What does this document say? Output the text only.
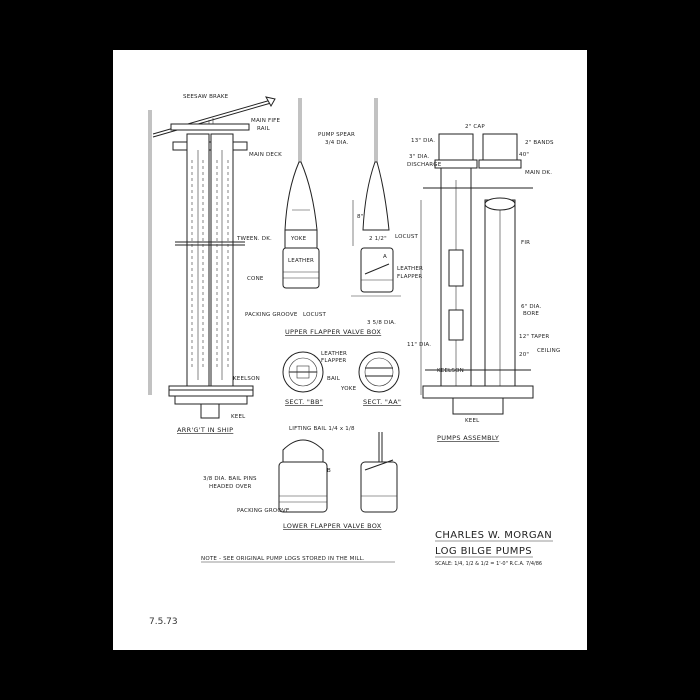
SEESAW BRAKE
MAIN FIFE
RAIL
MAIN DECK
TWEEN. DK.
KEELSON
KEEL
ARR'G'T IN SHIP
PUMP SPEAR
3/4 DIA.
YOKE
LEATHER
CONE
PACKING GROOVE LOCUST
LOCUST
LEATHER
FLAPPER
3 5/8 DIA.
8"
2 1/2"
A
UPPER FLAPPER VALVE BOX
LEATHER
FLAPPER
BAIL
YOKE
SECT. "BB"	SECT. "AA"
LIFTING BAIL 1/4 x 1/8
3/8 DIA. BAIL PINS
HEADED OVER
PACKING GROOVE
B
LOWER FLAPPER VALVE BOX
2" CAP
13" DIA.	2" BANDS
3" DIA.
DISCHARGE
40"
MAIN DK.
FIR
6" DIA.
BORE
12" TAPER
20"
CEILING
11" DIA.
KEELSON
KEEL
PUMPS ASSEMBLY
NOTE - SEE ORIGINAL PUMP LOGS STORED IN THE MILL.
CHARLES W. MORGAN
LOG BILGE PUMPS
SCALE: 1/4, 1/2 & 1/2 = 1'-0" R.C.A. 7/4/86
7.5.73
